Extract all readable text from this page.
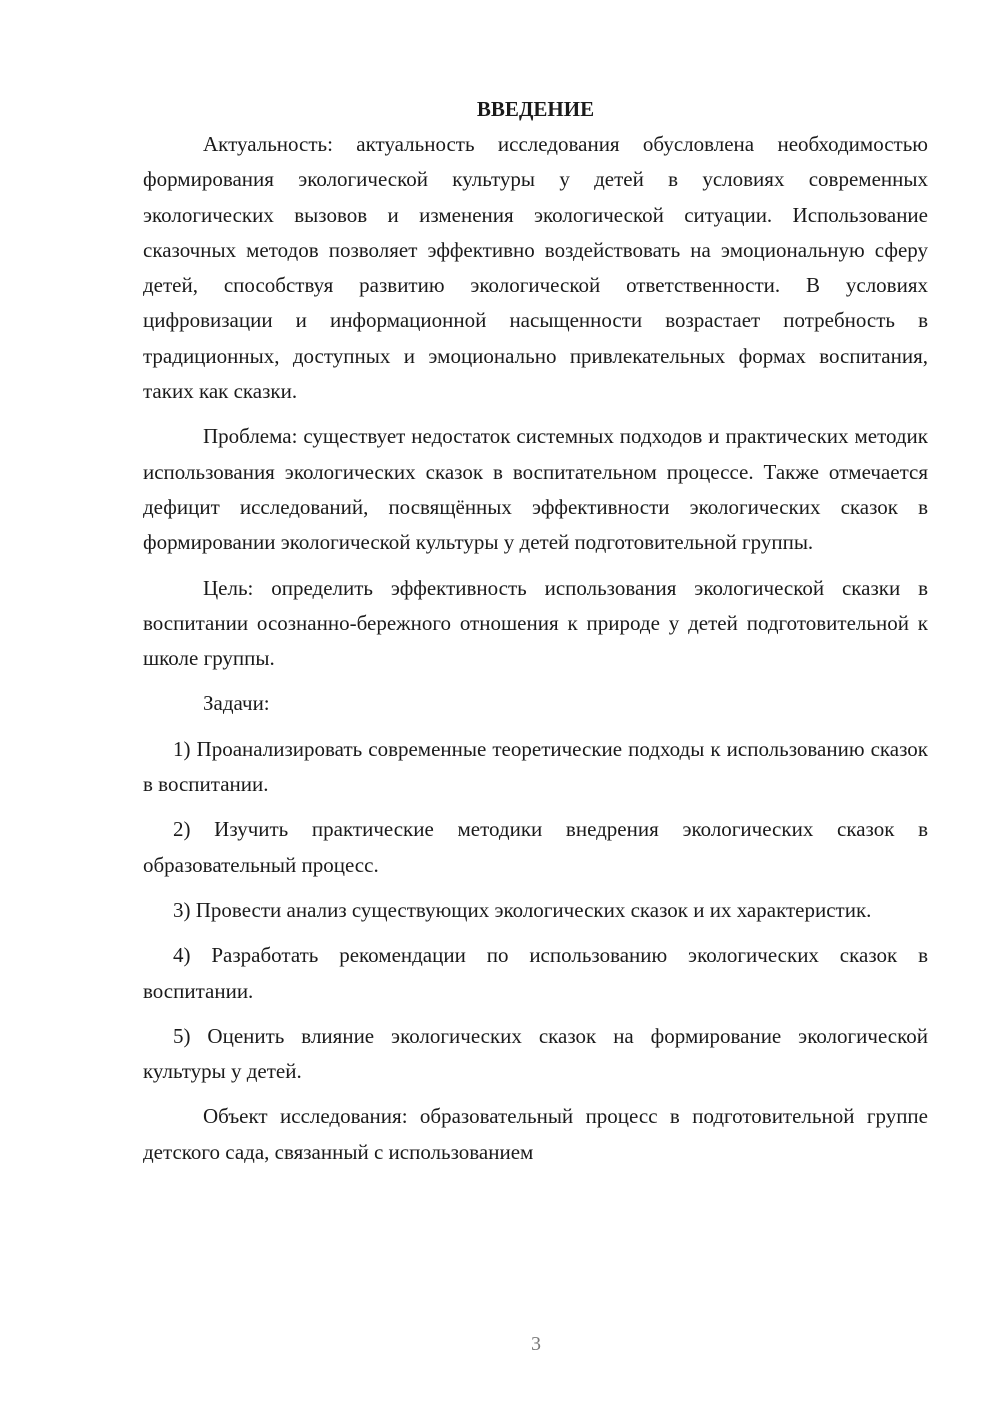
ВВЕДЕНИЕ

Актуальность: актуальность исследования обусловлена необходимостью формирования экологической культуры у детей в условиях современных экологических вызовов и изменения экологической ситуации. Использование сказочных методов позволяет эффективно воздействовать на эмоциональную сферу детей, способствуя развитию экологической ответственности. В условиях цифровизации и информационной насыщенности возрастает потребность в традиционных, доступных и эмоционально привлекательных формах воспитания, таких как сказки.

Проблема: существует недостаток системных подходов и практических методик использования экологических сказок в воспитательном процессе. Также отмечается дефицит исследований, посвящённых эффективности экологических сказок в формировании экологической культуры у детей подготовительной группы.

Цель: определить эффективность использования экологической сказки в воспитании осознанно-бережного отношения к природе у детей подготовительной к школе группы.

Задачи:

1) Проанализировать современные теоретические подходы к использованию сказок в воспитании.

2) Изучить практические методики внедрения экологических сказок в образовательный процесс.

3) Провести анализ существующих экологических сказок и их характеристик.

4) Разработать рекомендации по использованию экологических сказок в воспитании.

5) Оценить влияние экологических сказок на формирование экологической культуры у детей.

Объект исследования: образовательный процесс в подготовительной группе детского сада, связанный с использованием

3
